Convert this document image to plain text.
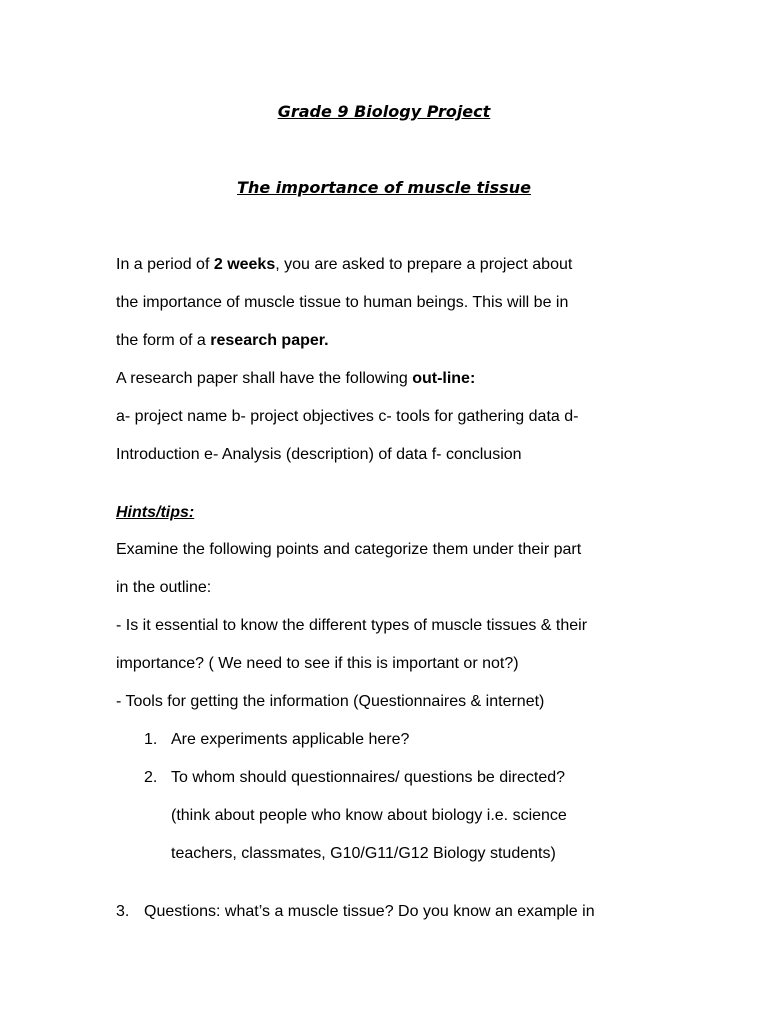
Grade 9 Biology Project
The importance of muscle tissue
In a period of 2 weeks, you are asked to prepare a project about
the importance of muscle tissue to human beings. This will be in
the form of a research paper.
A research paper shall have the following out-line:
a- project name b- project objectives c- tools for gathering data d-
Introduction e- Analysis (description) of data f- conclusion
Hints/tips:
Examine the following points and categorize them under their part
in the outline:
- Is it essential to know the different types of muscle tissues & their
importance? ( We need to see if this is important or not?)
- Tools for getting the information (Questionnaires & internet)
1. Are experiments applicable here?
2. To whom should questionnaires/ questions be directed?
(think about people who know about biology i.e. science
teachers, classmates, G10/G11/G12 Biology students)
3. Questions: what’s a muscle tissue? Do you know an example in
